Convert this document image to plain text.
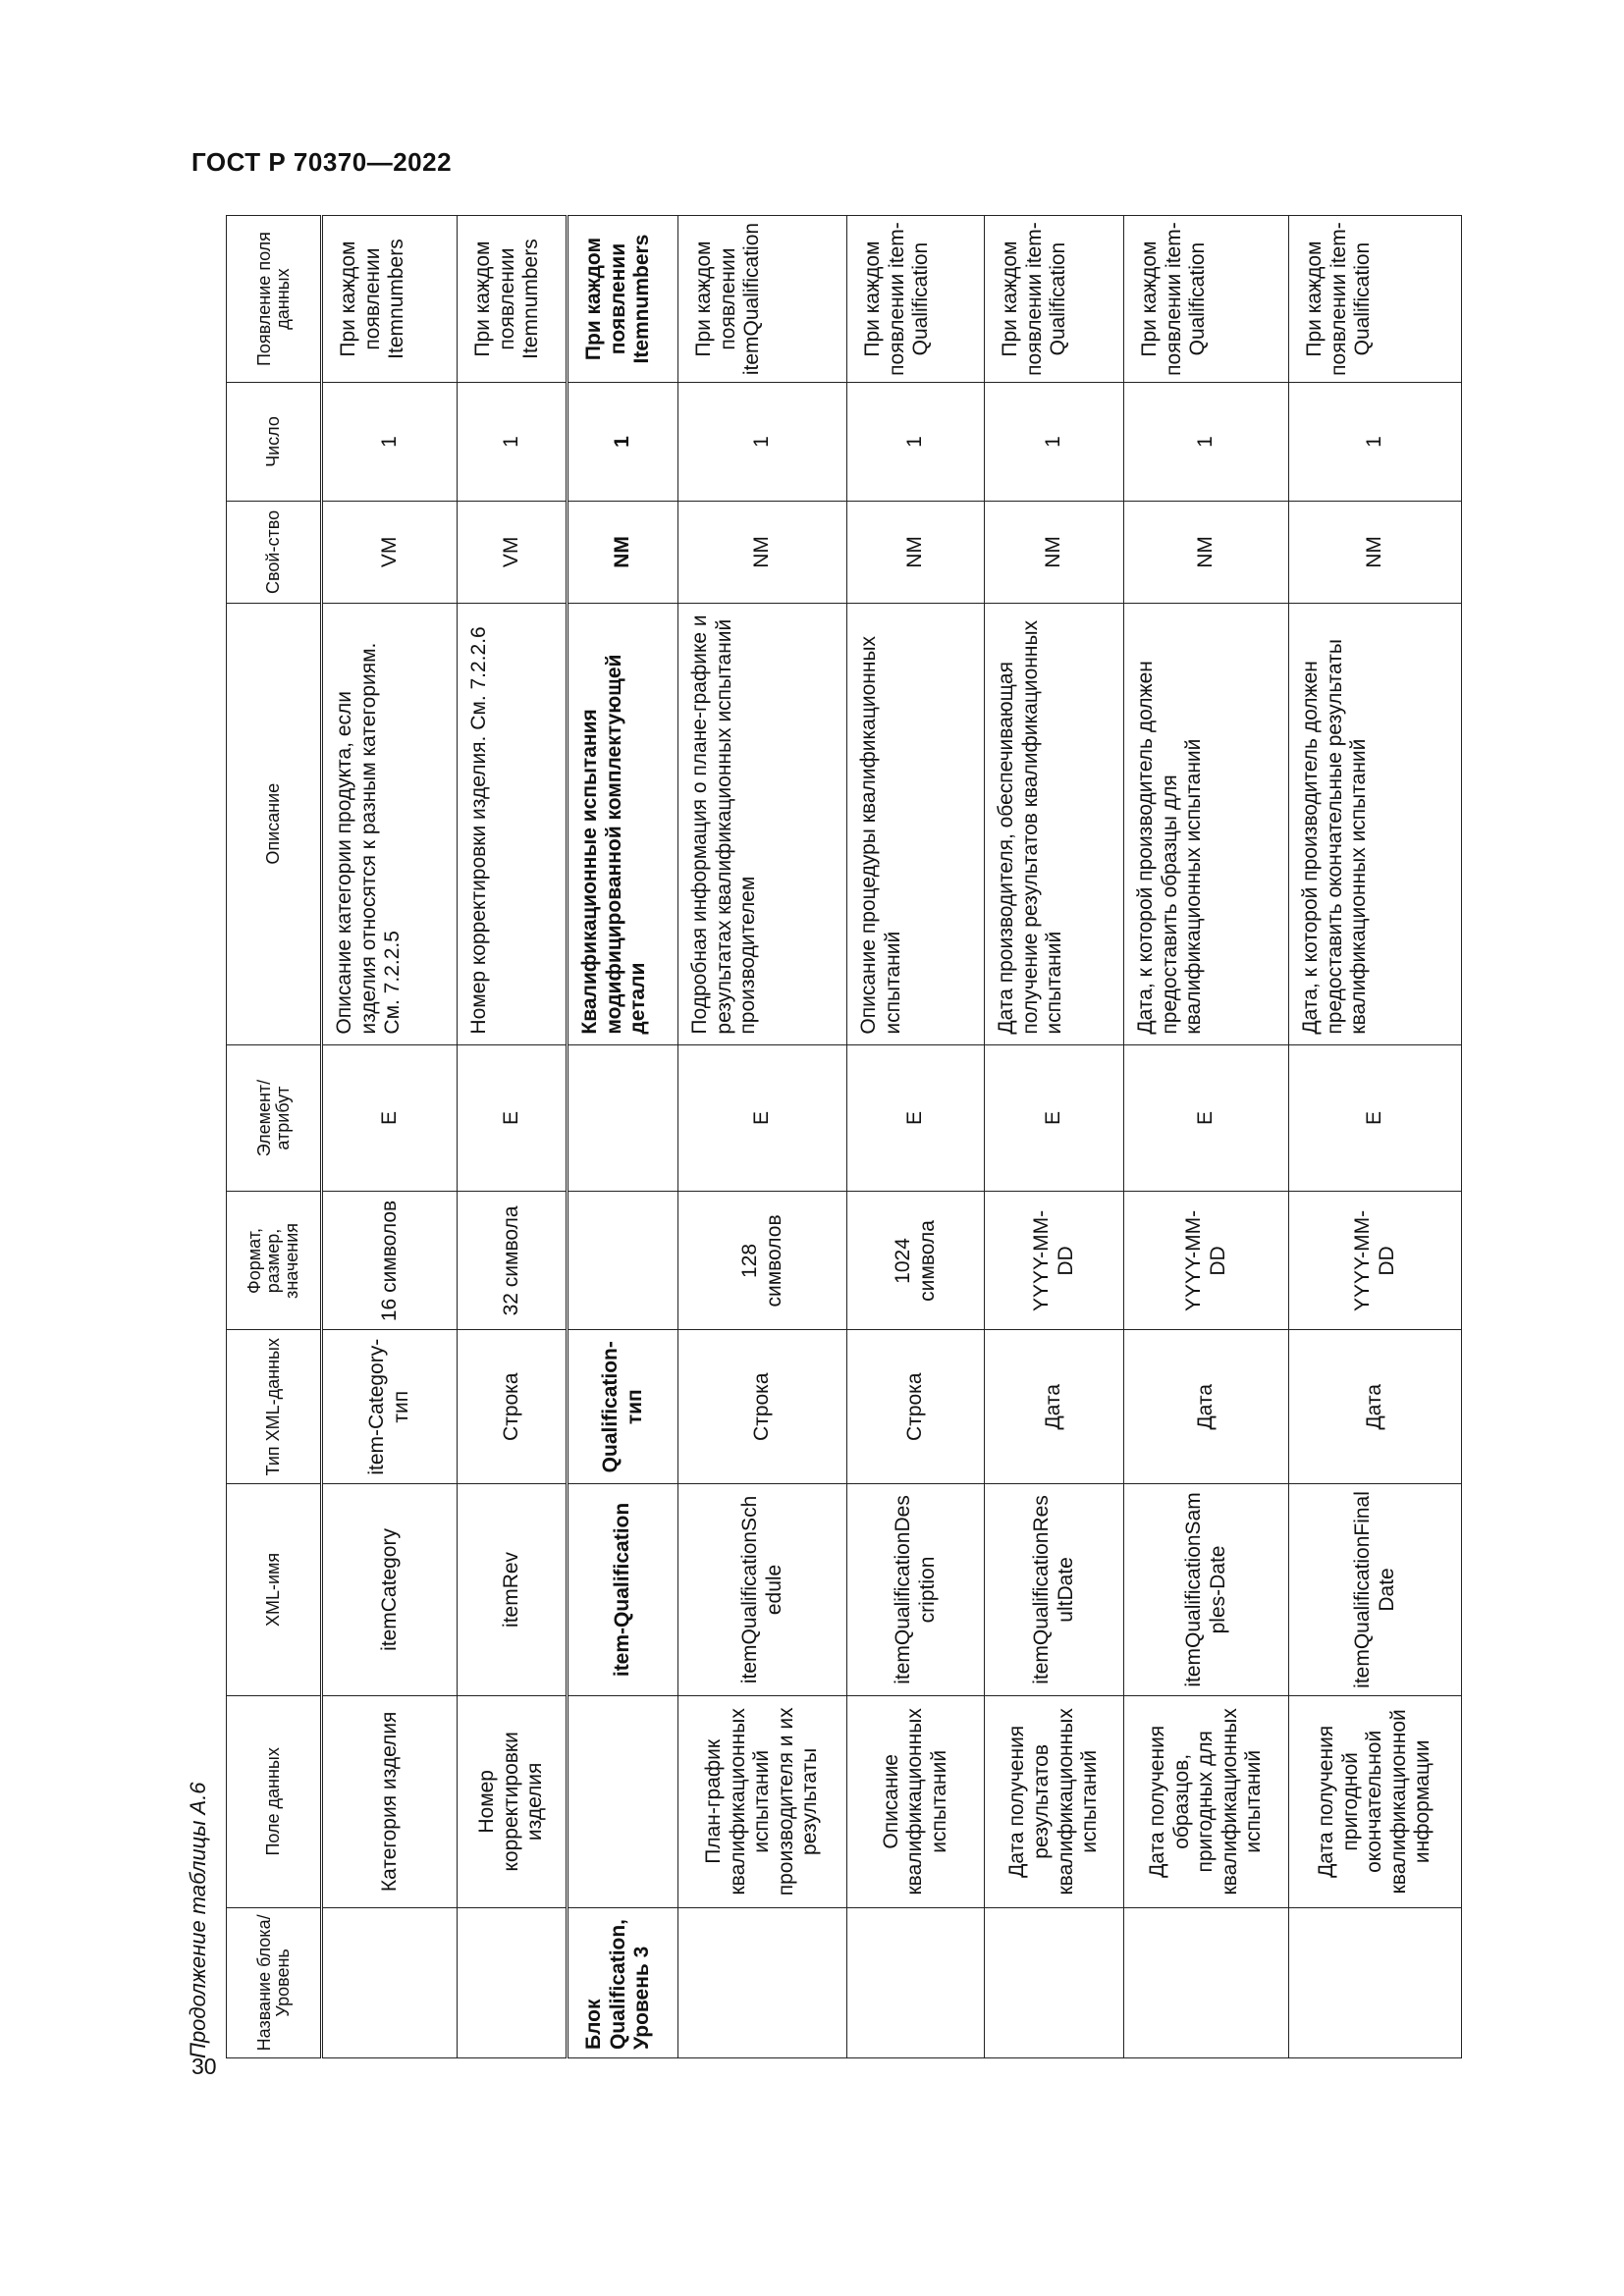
ГОСТ Р 70370—2022
30
Продолжение таблицы А.6	Название блока/ Уровень	Поле данных	XML-имя	Тип XML-данных	Формат, размер, значения	Элемент/ атрибут	Описание	Свой-ство	Число	Появление поля данных
	Категория изделия	itemCategory	item-Category-тип	16 символов	E	Описание категории продукта, если изделия относятся к разным категориям. См. 7.2.2.5	VM	1	При каждом появлении Itemnumbers
	Номер корректировки изделия	itemRev	Строка	32 символа	E	Номер корректировки изделия. См. 7.2.2.6	VM	1	При каждом появлении Itemnumbers
Блок Qualification, Уровень 3		item-Qualification	Qualification-тип			Квалификационные испытания модифицированной комплектующей детали	NM	1	При каждом появлении Itemnumbers
	План-график квалификационных испытаний производителя и их результаты	itemQualificationSchedule	Строка	128 символов	E	Подробная информация о плане-графике и результатах квалификационных испытаний производителем	NM	1	При каждом появлении itemQualification
	Описание квалификационных испытаний	itemQualificationDescription	Строка	1024 символа	E	Описание процедуры квалификационных испытаний	NM	1	При каждом появлении item-Qualification
	Дата получения результатов квалификационных испытаний	itemQualificationResultDate	Дата	YYYY-MM-DD	E	Дата производителя, обеспечивающая получение результатов квалификационных испытаний	NM	1	При каждом появлении item-Qualification
	Дата получения образцов, пригодных для квалификационных испытаний	itemQualificationSamples-Date	Дата	YYYY-MM-DD	E	Дата, к которой производитель должен предоставить образцы для квалификационных испытаний	NM	1	При каждом появлении item-Qualification
	Дата получения пригодной окончательной квалификационной информации	itemQualificationFinalDate	Дата	YYYY-MM-DD	E	Дата, к которой производитель должен предоставить окончательные результаты квалификационных испытаний	NM	1	При каждом появлении item-Qualification
